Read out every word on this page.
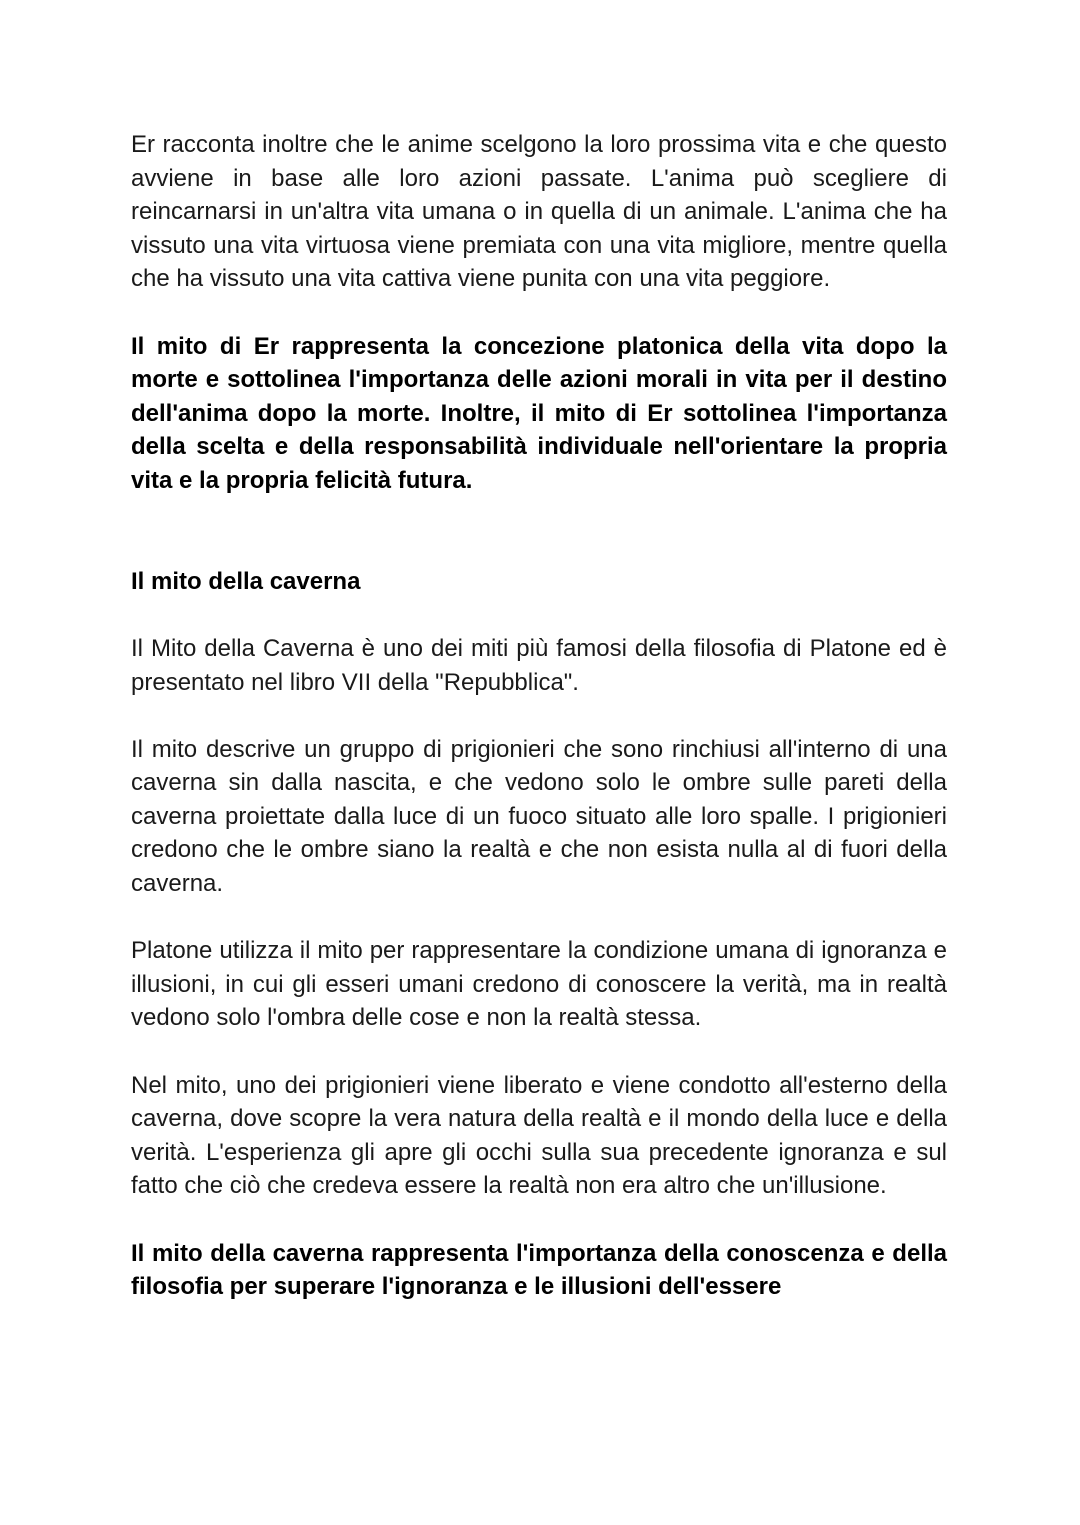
Er racconta inoltre che le anime scelgono la loro prossima vita e che questo avviene in base alle loro azioni passate. L'anima può scegliere di reincarnarsi in un'altra vita umana o in quella di un animale. L'anima che ha vissuto una vita virtuosa viene premiata con una vita migliore, mentre quella che ha vissuto una vita cattiva viene punita con una vita peggiore.

Il mito di Er rappresenta la concezione platonica della vita dopo la morte e sottolinea l'importanza delle azioni morali in vita per il destino dell'anima dopo la morte. Inoltre, il mito di Er sottolinea l'importanza della scelta e della responsabilità individuale nell'orientare la propria vita e la propria felicità futura.

Il mito della caverna

Il Mito della Caverna è uno dei miti più famosi della filosofia di Platone ed è presentato nel libro VII della "Repubblica".

Il mito descrive un gruppo di prigionieri che sono rinchiusi all'interno di una caverna sin dalla nascita, e che vedono solo le ombre sulle pareti della caverna proiettate dalla luce di un fuoco situato alle loro spalle. I prigionieri credono che le ombre siano la realtà e che non esista nulla al di fuori della caverna.

Platone utilizza il mito per rappresentare la condizione umana di ignoranza e illusioni, in cui gli esseri umani credono di conoscere la verità, ma in realtà vedono solo l'ombra delle cose e non la realtà stessa.

Nel mito, uno dei prigionieri viene liberato e viene condotto all'esterno della caverna, dove scopre la vera natura della realtà e il mondo della luce e della verità. L'esperienza gli apre gli occhi sulla sua precedente ignoranza e sul fatto che ciò che credeva essere la realtà non era altro che un'illusione.

Il mito della caverna rappresenta l'importanza della conoscenza e della filosofia per superare l'ignoranza e le illusioni dell'essere
